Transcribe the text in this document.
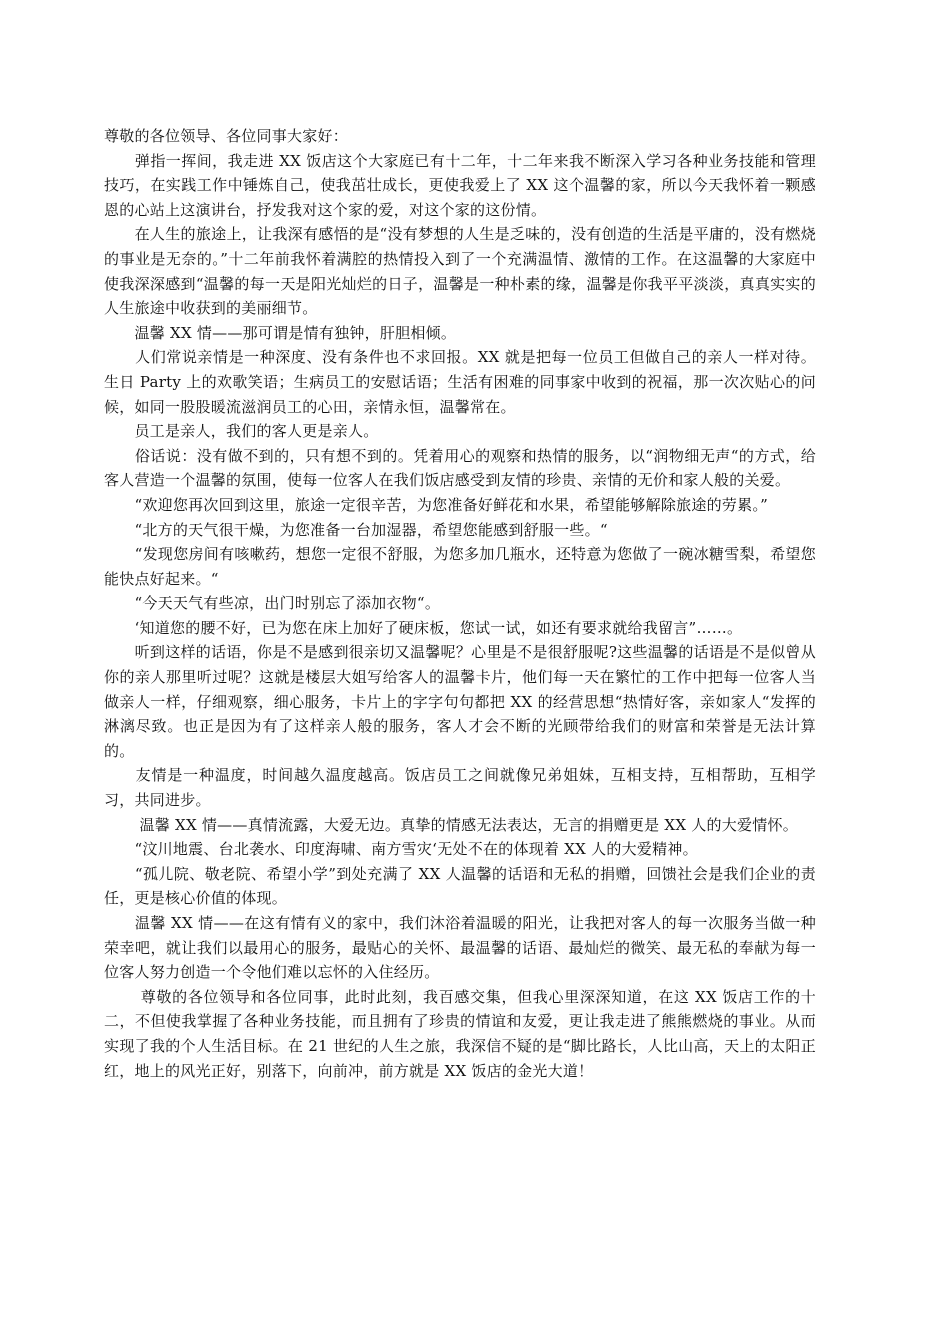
尊敬的各位领导、各位同事大家好：

　　弹指一挥间，我走进 XX 饭店这个大家庭已有十二年，十二年来我不断深入学习各种业务技能和管理技巧，在实践工作中锤炼自己，使我茁壮成长，更使我爱上了 XX 这个温馨的家，所以今天我怀着一颗感恩的心站上这演讲台，抒发我对这个家的爱，对这个家的这份情。

　　在人生的旅途上，让我深有感悟的是“没有梦想的人生是乏味的，没有创造的生活是平庸的，没有燃烧的事业是无奈的。”十二年前我怀着满腔的热情投入到了一个充满温情、激情的工作。在这温馨的大家庭中使我深深感到“温馨的每一天是阳光灿烂的日子，温馨是一种朴素的缘，温馨是你我平平淡淡，真真实实的人生旅途中收获到的美丽细节。

　　温馨 XX 情——那可谓是情有独钟，肝胆相倾。

　　人们常说亲情是一种深度、没有条件也不求回报。XX 就是把每一位员工但做自己的亲人一样对待。生日 Party 上的欢歌笑语；生病员工的安慰话语；生活有困难的同事家中收到的祝福，那一次次贴心的问候，如同一股股暖流滋润员工的心田，亲情永恒，温馨常在。

　　员工是亲人，我们的客人更是亲人。

　　俗话说：没有做不到的，只有想不到的。凭着用心的观察和热情的服务，以“润物细无声“的方式，给客人营造一个温馨的氛围，使每一位客人在我们饭店感受到友情的珍贵、亲情的无价和家人般的关爱。

　　“欢迎您再次回到这里，旅途一定很辛苦，为您准备好鲜花和水果，希望能够解除旅途的劳累。”

　　“北方的天气很干燥，为您准备一台加湿器，希望您能感到舒服一些。“

　　“发现您房间有咳嗽药，想您一定很不舒服，为您多加几瓶水，还特意为您做了一碗冰糖雪梨，希望您能快点好起来。“

　　“今天天气有些凉，出门时别忘了添加衣物“。

　　‘知道您的腰不好，已为您在床上加好了硬床板，您试一试，如还有要求就给我留言”……。

　　听到这样的话语，你是不是感到很亲切又温馨呢？心里是不是很舒服呢?这些温馨的话语是不是似曾从你的亲人那里听过呢？这就是楼层大姐写给客人的温馨卡片，他们每一天在繁忙的工作中把每一位客人当做亲人一样，仔细观察，细心服务，卡片上的字字句句都把 XX 的经营思想“热情好客，亲如家人“发挥的淋漓尽致。也正是因为有了这样亲人般的服务，客人才会不断的光顾带给我们的财富和荣誉是无法计算的。

　　友情是一种温度，时间越久温度越高。饭店员工之间就像兄弟姐妹，互相支持，互相帮助，互相学习，共同进步。

　　 温馨 XX 情——真情流露，大爱无边。真挚的情感无法表达，无言的捐赠更是 XX 人的大爱情怀。

　　“汶川地震、台北袭水、印度海啸、南方雪灾‘无处不在的体现着 XX 人的大爱精神。

　　“孤儿院、敬老院、希望小学”到处充满了 XX 人温馨的话语和无私的捐赠，回馈社会是我们企业的责任，更是核心价值的体现。

　　温馨 XX 情——在这有情有义的家中，我们沐浴着温暖的阳光，让我把对客人的每一次服务当做一种荣幸吧，就让我们以最用心的服务，最贴心的关怀、最温馨的话语、最灿烂的微笑、最无私的奉献为每一位客人努力创造一个令他们难以忘怀的入住经历。

　　 尊敬的各位领导和各位同事，此时此刻，我百感交集，但我心里深深知道，在这 XX 饭店工作的十二，不但使我掌握了各种业务技能，而且拥有了珍贵的情谊和友爱，更让我走进了熊熊燃烧的事业。从而实现了我的个人生活目标。在 21 世纪的人生之旅，我深信不疑的是“脚比路长，人比山高，天上的太阳正红，地上的风光正好，别落下，向前冲，前方就是 XX 饭店的金光大道！
